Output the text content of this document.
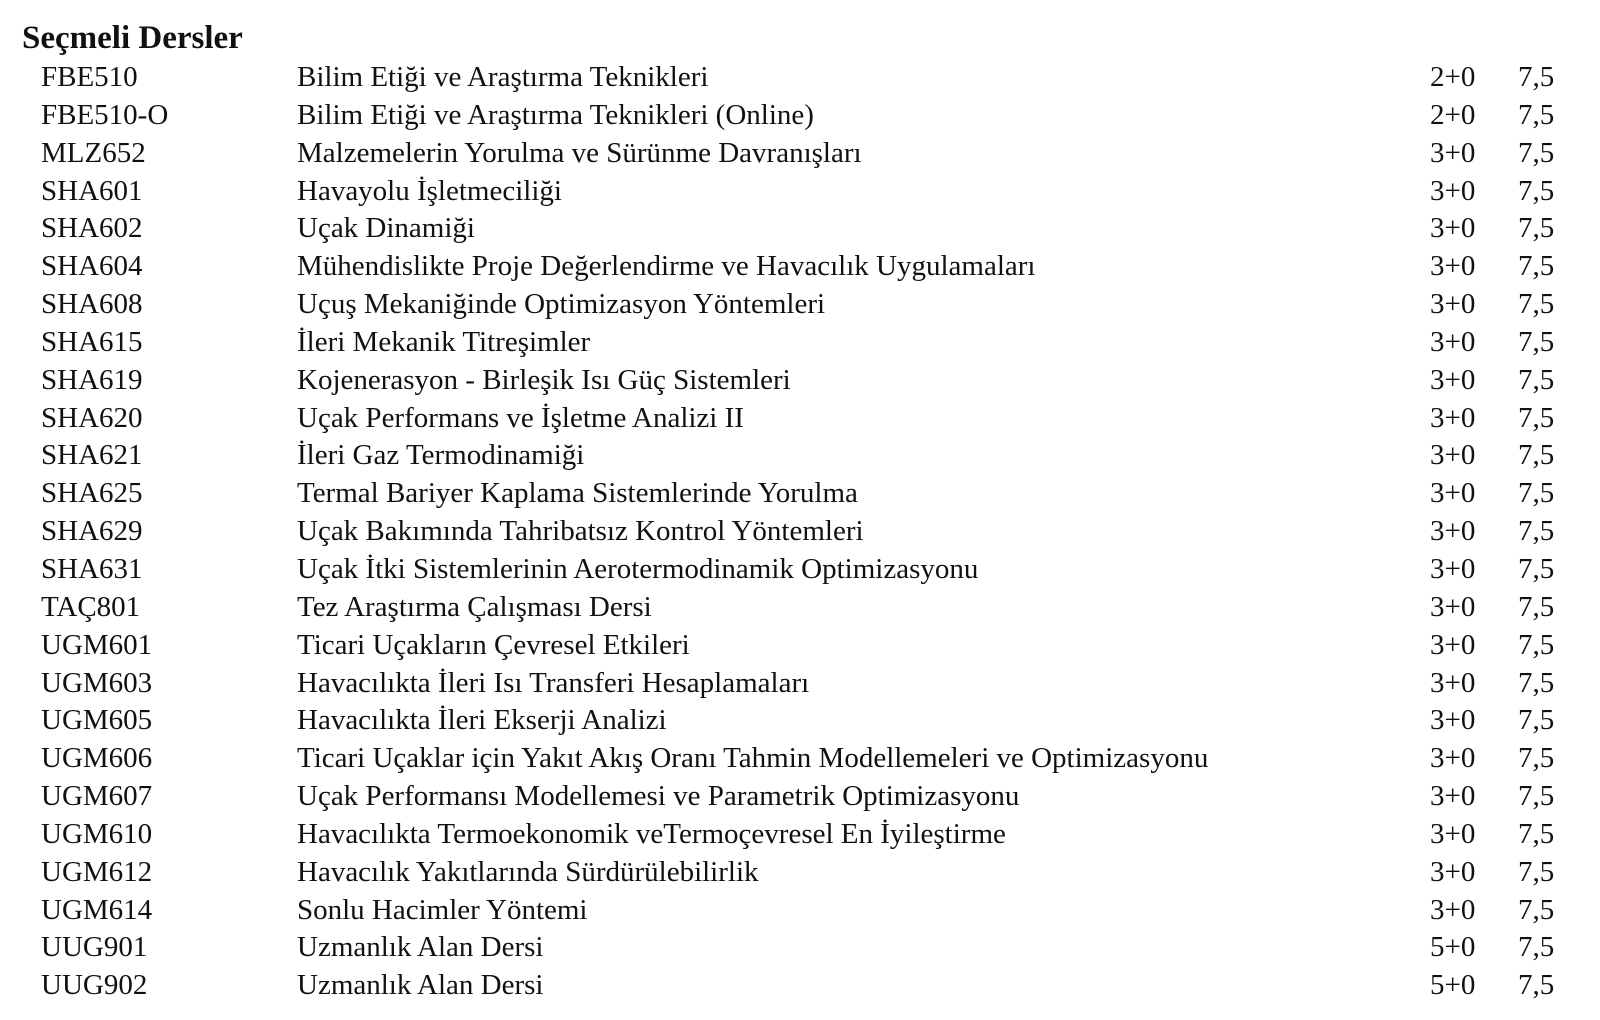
Seçmeli Dersler
FBE510	Bilim Etiği ve Araştırma Teknikleri	2+0 7,5
FBE510-O	Bilim Etiği ve Araştırma Teknikleri (Online)	2+0 7,5
MLZ652	Malzemelerin Yorulma ve Sürünme Davranışları	3+0 7,5
SHA601	Havayolu İşletmeciliği	3+0 7,5
SHA602	Uçak Dinamiği	3+0 7,5
SHA604	Mühendislikte Proje Değerlendirme ve Havacılık Uygulamaları	3+0 7,5
SHA608	Uçuş Mekaniğinde Optimizasyon Yöntemleri	3+0 7,5
SHA615	İleri Mekanik Titreşimler	3+0 7,5
SHA619	Kojenerasyon - Birleşik Isı Güç Sistemleri	3+0 7,5
SHA620	Uçak Performans ve İşletme Analizi II	3+0 7,5
SHA621	İleri Gaz Termodinamiği	3+0 7,5
SHA625	Termal Bariyer Kaplama Sistemlerinde Yorulma	3+0 7,5
SHA629	Uçak Bakımında Tahribatsız Kontrol Yöntemleri	3+0 7,5
SHA631	Uçak İtki Sistemlerinin Aerotermodinamik Optimizasyonu	3+0 7,5
TAÇ801	Tez Araştırma Çalışması Dersi	3+0 7,5
UGM601	Ticari Uçakların Çevresel Etkileri	3+0 7,5
UGM603	Havacılıkta İleri Isı Transferi Hesaplamaları	3+0 7,5
UGM605	Havacılıkta İleri Ekserji Analizi	3+0 7,5
UGM606	Ticari Uçaklar için Yakıt Akış Oranı Tahmin Modellemeleri ve Optimizasyonu	3+0 7,5
UGM607	Uçak Performansı Modellemesi ve Parametrik Optimizasyonu	3+0 7,5
UGM610	Havacılıkta Termoekonomik veTermoçevresel En İyileştirme	3+0 7,5
UGM612	Havacılık Yakıtlarında Sürdürülebilirlik	3+0 7,5
UGM614	Sonlu Hacimler Yöntemi	3+0 7,5
UUG901	Uzmanlık Alan Dersi	5+0 7,5
UUG902	Uzmanlık Alan Dersi	5+0 7,5
